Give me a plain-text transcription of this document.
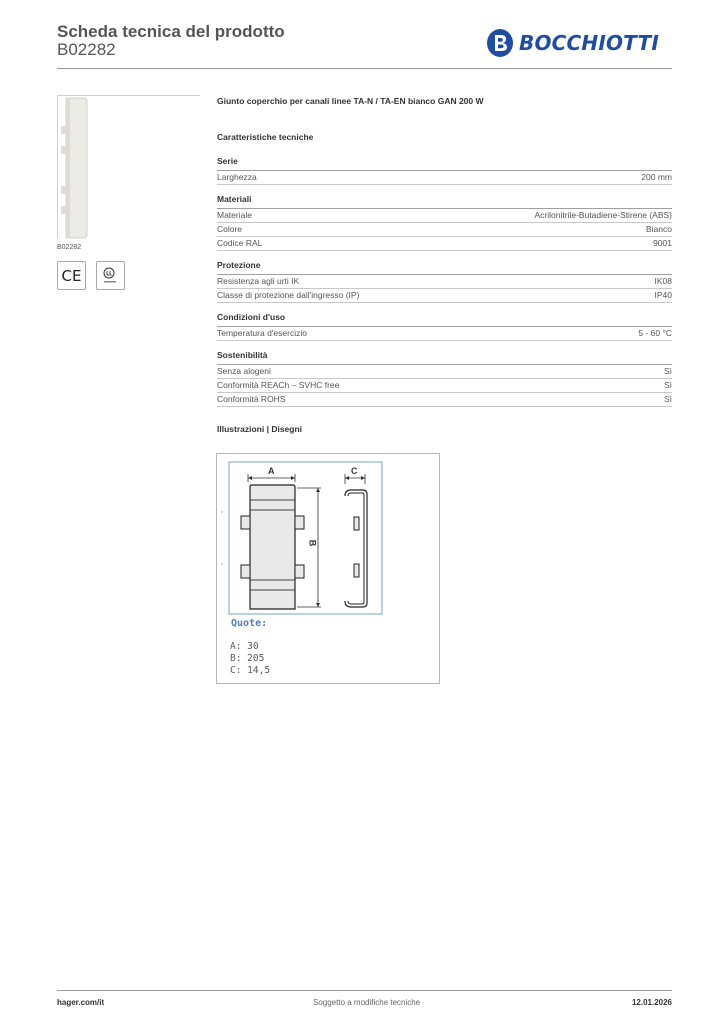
Scheda tecnica del prodotto
B02282	BOCCHIOTTI
B02282
CE
Giunto coperchio per canali linee TA-N / TA-EN bianco GAN 200 W
Caratteristiche tecniche
Serie
Larghezza	200 mm
Materiali
Materiale	Acrilonitrile-Butadiene-Stirene (ABS)
Colore	Bianco
Codice RAL	9001
Protezione
Resistenza agli urti IK	IK08
Classe di protezione dall'ingresso (IP)	IP40
Condizioni d'uso
Temperatura d'esercizio	5 - 60 °C
Sostenibilità
Senza alogeni	Sì
Conformità REACh – SVHC free	Sì
Conformità ROHS	Sì
Illustrazioni | Disegni
A
B
C
Quote:
A: 30
B: 205
C: 14,5
hager.com/it	Soggetto a modifiche tecniche	12.01.2026
